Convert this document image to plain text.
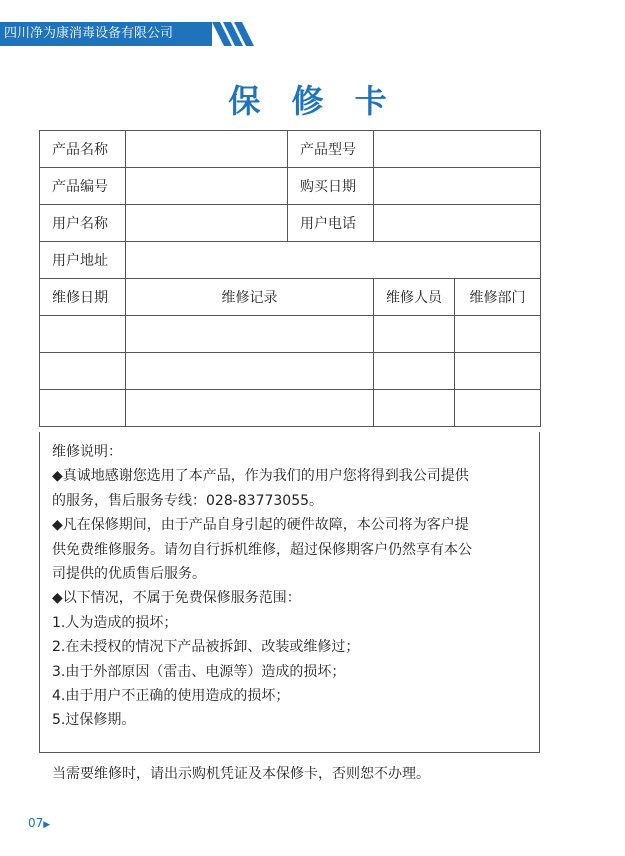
四川净为康消毒设备有限公司
保 修 卡
产品名称		产品型号		
产品编号		购买日期		
用户名称		用户电话		
用户地址				
维修日期	维修记录		维修人员	维修部门

维修说明：
◆真诚地感谢您选用了本产品，作为我们的用户您将得到我公司提供
的服务，售后服务专线：028-83773055。
◆凡在保修期间，由于产品自身引起的硬件故障，本公司将为客户提
供免费维修服务。请勿自行拆机维修，超过保修期客户仍然享有本公
司提供的优质售后服务。
◆以下情况，不属于免费保修服务范围：
1.人为造成的损坏；
2.在未授权的情况下产品被拆卸、改装或维修过；
3.由于外部原因（雷击、电源等）造成的损坏；
4.由于用户不正确的使用造成的损坏；
5.过保修期。
当需要维修时，请出示购机凭证及本保修卡，否则恕不办理。
07▶
